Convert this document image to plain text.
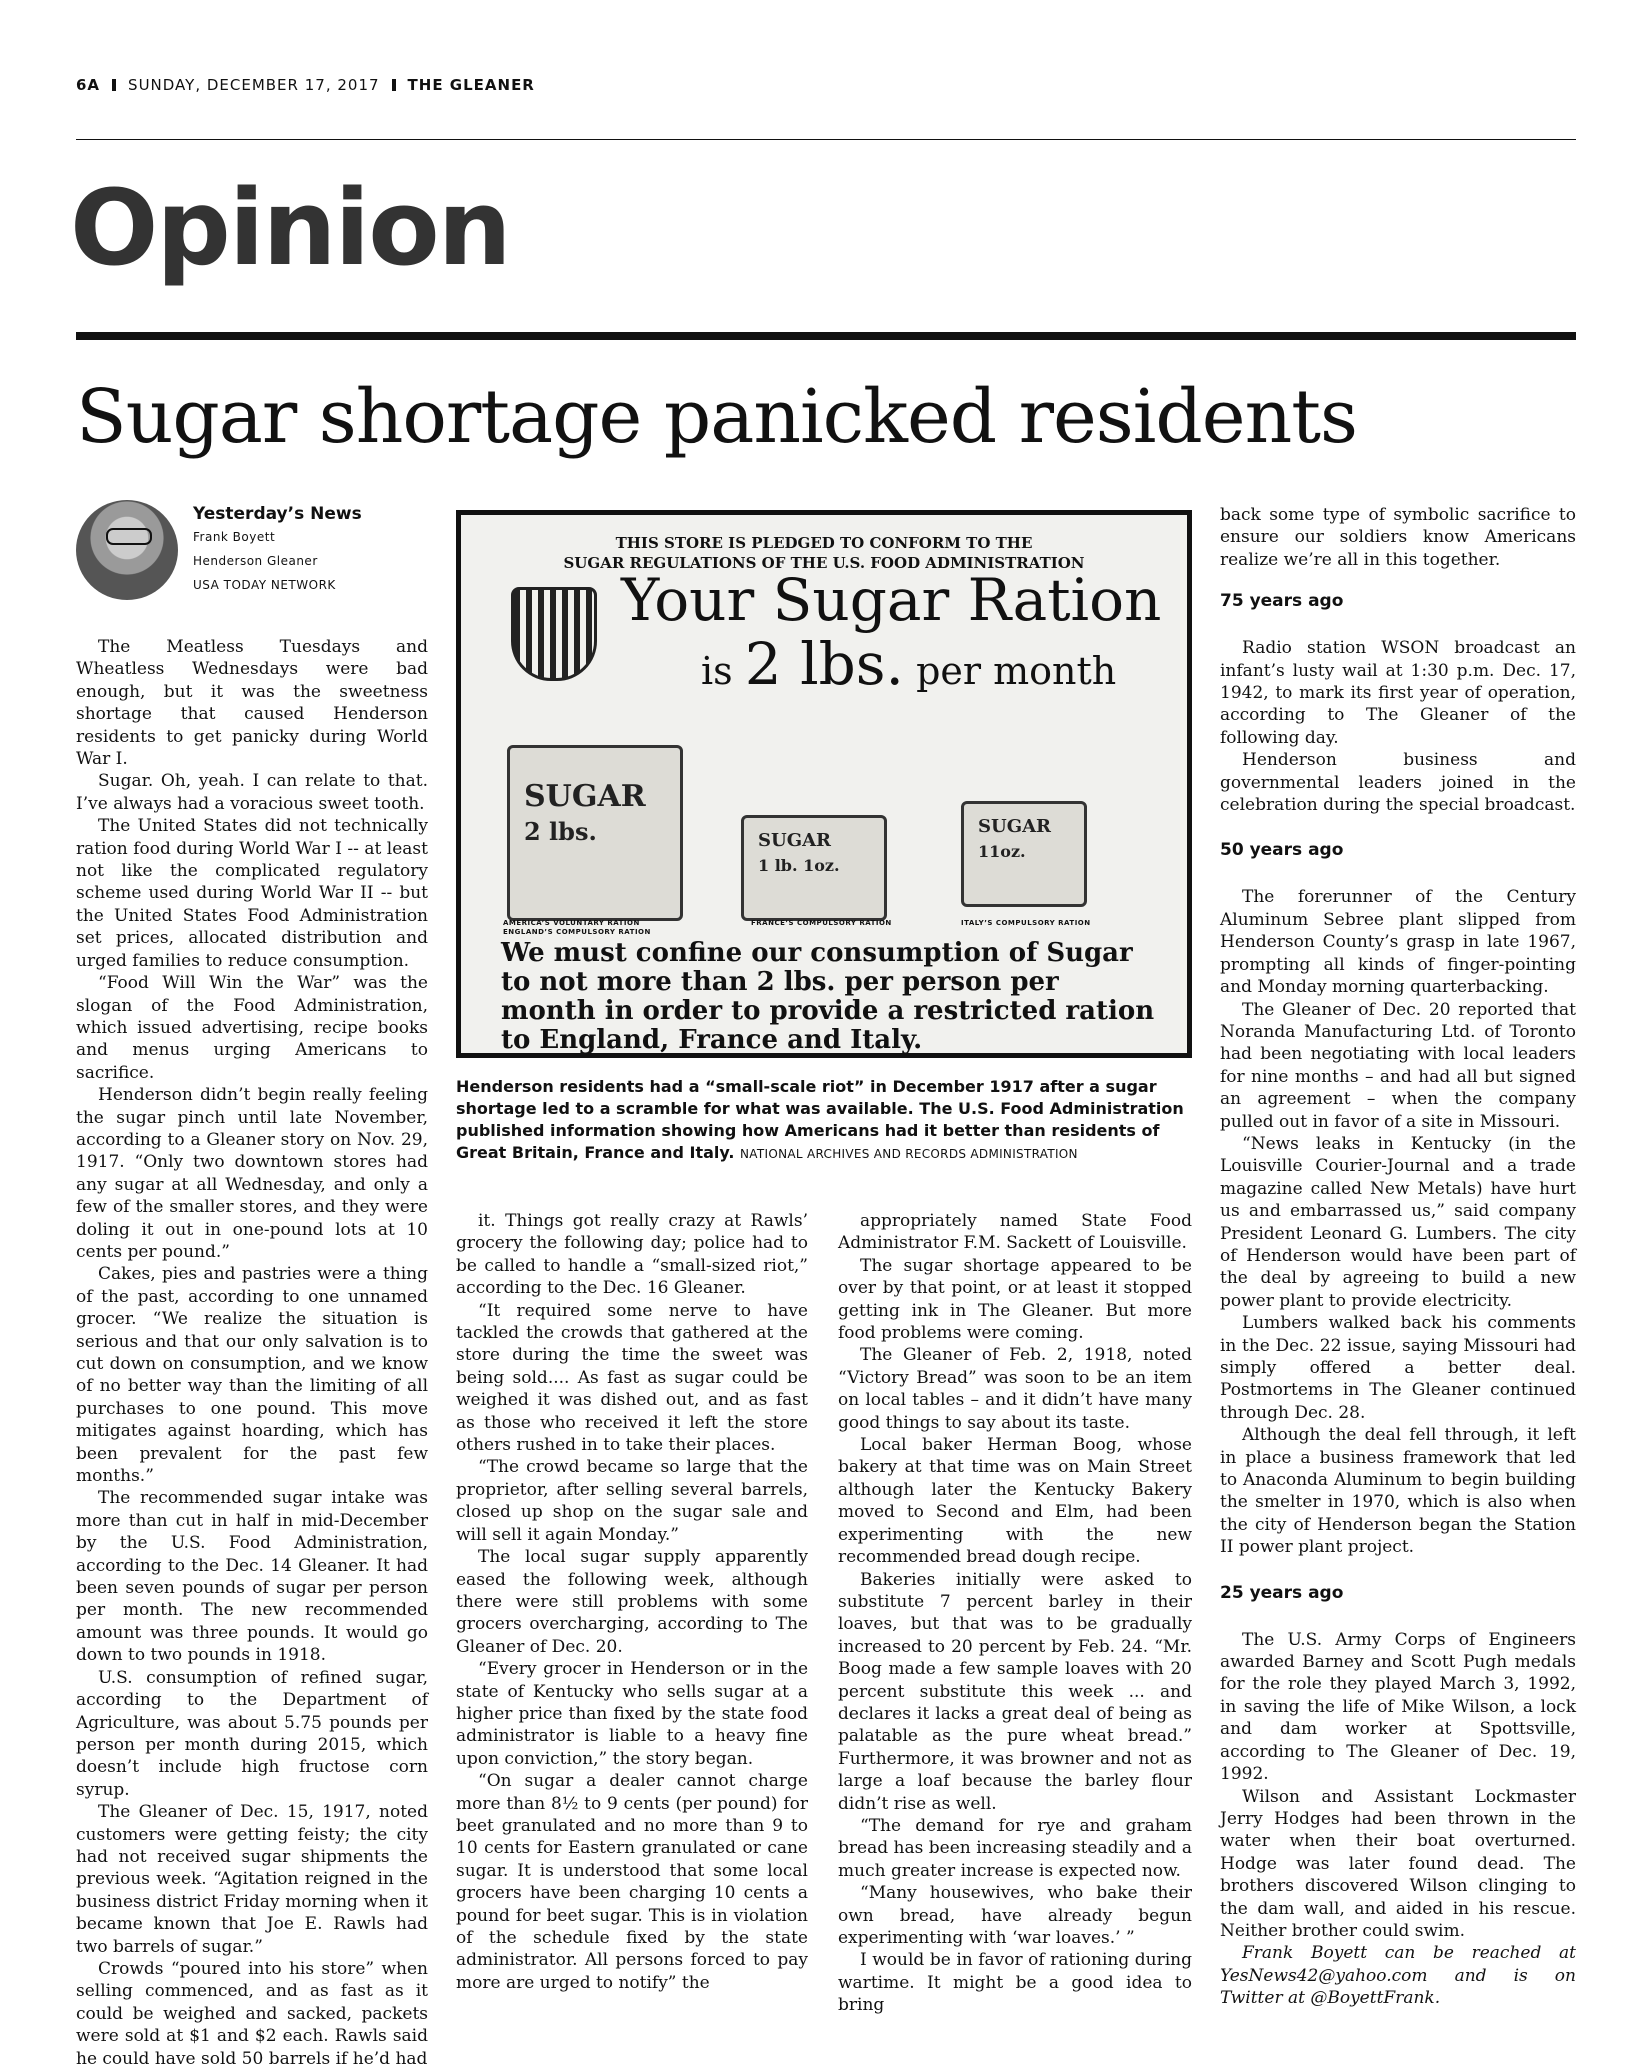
6A SUNDAY, DECEMBER 17, 2017 THE GLEANER
Opinion
Sugar shortage panicked residents
Yesterday’s News
Frank Boyett
Henderson Gleaner
USA TODAY NETWORK

The Meatless Tuesdays and Wheatless Wednesdays were bad enough, but it was the sweetness shortage that caused Henderson residents to get panicky during World War I.

Sugar. Oh, yeah. I can relate to that. I’ve always had a voracious sweet tooth.

The United States did not technically ration food during World War I -- at least not like the complicated regulatory scheme used during World War II -- but the United States Food Administration set prices, allocated distribution and urged families to reduce consumption.

“Food Will Win the War” was the slogan of the Food Administration, which issued advertising, recipe books and menus urging Americans to sacrifice.

Henderson didn’t begin really feeling the sugar pinch until late November, according to a Gleaner story on Nov. 29, 1917. “Only two downtown stores had any sugar at all Wednesday, and only a few of the smaller stores, and they were doling it out in one-pound lots at 10 cents per pound.”

Cakes, pies and pastries were a thing of the past, according to one unnamed grocer. “We realize the situation is serious and that our only salvation is to cut down on consumption, and we know of no better way than the limiting of all purchases to one pound. This move mitigates against hoarding, which has been prevalent for the past few months.”

The recommended sugar intake was more than cut in half in mid-December by the U.S. Food Administration, according to the Dec. 14 Gleaner. It had been seven pounds of sugar per person per month. The new recommended amount was three pounds. It would go down to two pounds in 1918.

U.S. consumption of refined sugar, according to the Department of Agriculture, was about 5.75 pounds per person per month during 2015, which doesn’t include high fructose corn syrup.

The Gleaner of Dec. 15, 1917, noted customers were getting feisty; the city had not received sugar shipments the previous week. “Agitation reigned in the business district Friday morning when it became known that Joe E. Rawls had two barrels of sugar.”

Crowds “poured into his store” when selling commenced, and as fast as it could be weighed and sacked, packets were sold at $1 and $2 each. Rawls said he could have sold 50 barrels if he’d had

it. Things got really crazy at Rawls’ grocery the following day; police had to be called to handle a “small-sized riot,” according to the Dec. 16 Gleaner.

“It required some nerve to have tackled the crowds that gathered at the store during the time the sweet was being sold.... As fast as sugar could be weighed it was dished out, and as fast as those who received it left the store others rushed in to take their places.

“The crowd became so large that the proprietor, after selling several barrels, closed up shop on the sugar sale and will sell it again Monday.”

The local sugar supply apparently eased the following week, although there were still problems with some grocers overcharging, according to The Gleaner of Dec. 20.

“Every grocer in Henderson or in the state of Kentucky who sells sugar at a higher price than fixed by the state food administrator is liable to a heavy fine upon conviction,” the story began.

“On sugar a dealer cannot charge more than 8½ to 9 cents (per pound) for beet granulated and no more than 9 to 10 cents for Eastern granulated or cane sugar. It is understood that some local grocers have been charging 10 cents a pound for beet sugar. This is in violation of the schedule fixed by the state administrator. All persons forced to pay more are urged to notify” the

appropriately named State Food Administrator F.M. Sackett of Louisville.

The sugar shortage appeared to be over by that point, or at least it stopped getting ink in The Gleaner. But more food problems were coming.

The Gleaner of Feb. 2, 1918, noted “Victory Bread” was soon to be an item on local tables – and it didn’t have many good things to say about its taste.

Local baker Herman Boog, whose bakery at that time was on Main Street although later the Kentucky Bakery moved to Second and Elm, had been experimenting with the new recommended bread dough recipe.

Bakeries initially were asked to substitute 7 percent barley in their loaves, but that was to be gradually increased to 20 percent by Feb. 24. “Mr. Boog made a few sample loaves with 20 percent substitute this week ... and declares it lacks a great deal of being as palatable as the pure wheat bread.” Furthermore, it was browner and not as large a loaf because the barley flour didn’t rise as well.

“The demand for rye and graham bread has been increasing steadily and a much greater increase is expected now.

“Many housewives, who bake their own bread, have already begun experimenting with ‘war loaves.’ ”

I would be in favor of rationing during wartime. It might be a good idea to bring

back some type of symbolic sacrifice to ensure our soldiers know Americans realize we’re all in this together.

75 years ago

Radio station WSON broadcast an infant’s lusty wail at 1:30 p.m. Dec. 17, 1942, to mark its first year of operation, according to The Gleaner of the following day.

Henderson business and governmental leaders joined in the celebration during the special broadcast.

50 years ago

The forerunner of the Century Aluminum Sebree plant slipped from Henderson County’s grasp in late 1967, prompting all kinds of finger-pointing and Monday morning quarterbacking.

The Gleaner of Dec. 20 reported that Noranda Manufacturing Ltd. of Toronto had been negotiating with local leaders for nine months – and had all but signed an agreement – when the company pulled out in favor of a site in Missouri.

“News leaks in Kentucky (in the Louisville Courier-Journal and a trade magazine called New Metals) have hurt us and embarrassed us,” said company President Leonard G. Lumbers. The city of Henderson would have been part of the deal by agreeing to build a new power plant to provide electricity.

Lumbers walked back his comments in the Dec. 22 issue, saying Missouri had simply offered a better deal. Postmortems in The Gleaner continued through Dec. 28.

Although the deal fell through, it left in place a business framework that led to Anaconda Aluminum to begin building the smelter in 1970, which is also when the city of Henderson began the Station II power plant project.

25 years ago

The U.S. Army Corps of Engineers awarded Barney and Scott Pugh medals for the role they played March 3, 1992, in saving the life of Mike Wilson, a lock and dam worker at Spottsville, according to The Gleaner of Dec. 19, 1992.

Wilson and Assistant Lockmaster Jerry Hodges had been thrown in the water when their boat overturned. Hodge was later found dead. The brothers discovered Wilson clinging to the dam wall, and aided in his rescue. Neither brother could swim.

Frank Boyett can be reached at YesNews42@yahoo.com and is on Twitter at @BoyettFrank.

THIS STORE IS PLEDGED TO CONFORM TO THE
SUGAR REGULATIONS OF THE U.S. FOOD ADMINISTRATION
Your Sugar Ration
is 2 lbs. per month
SUGAR
2 lbs.	SUGAR
1 lb. 1oz.
SUGAR
11oz.
AMERICA’S VOLUNTARY RATION ENGLAND’S COMPULSORY RATION
FRANCE’S COMPULSORY RATION	ITALY’S COMPULSORY RATION
We must confine our consumption of Sugar to not more than 2 lbs. per person per month in order to provide a restricted ration to England, France and Italy.
Henderson residents had a “small-scale riot” in December 1917 after a sugar shortage led to a scramble for what was available. The U.S. Food Administration published information showing how Americans had it better than residents of Great Britain, France and Italy. NATIONAL ARCHIVES AND RECORDS ADMINISTRATION
